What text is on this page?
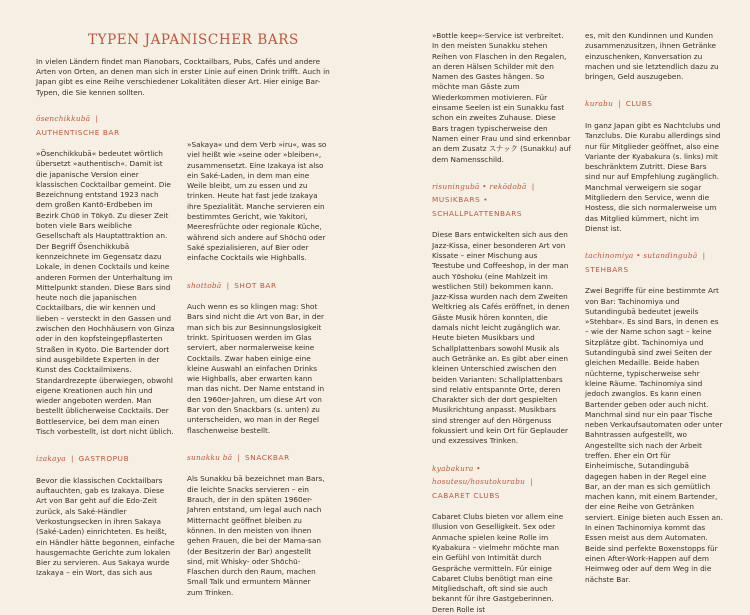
TYPEN JAPANISCHER BARS

In vielen Ländern findet man Pianobars, Cocktailbars, Pubs, Cafés und andere Arten von Orten, an denen man sich in erster Linie auf einen Drink trifft. Auch in Japan gibt es eine Reihe verschiedener Lokalitäten dieser Art. Hier einige Bar-Typen, die Sie kennen sollten.

ōsenchikkubā |
AUTHENTISCHE BAR

»Ōsenchikkubā« bedeutet wörtlich übersetzt »authentisch«. Damit ist die japanische Version einer klassischen Cocktailbar gemeint. Die Bezeichnung entstand 1923 nach dem großen Kantō-Erdbeben im Bezirk Chūō in Tōkyō. Zu dieser Zeit boten viele Bars weibliche Gesellschaft als Hauptattraktion an. Der Begriff Ōsenchikkubā kennzeichnete im Gegensatz dazu Lokale, in denen Cocktails und keine anderen Formen der Unterhaltung im Mittelpunkt standen. Diese Bars sind heute noch die japanischen Cocktailbars, die wir kennen und lieben – versteckt in den Gassen und zwischen den Hochhäusern von Ginza oder in den kopfsteingepflasterten Straßen in Kyōto. Die Bartender dort sind ausgebildete Experten in der Kunst des Cocktailmixens. Standardrezepte überwiegen, obwohl eigene Kreationen auch hin und wieder angeboten werden. Man bestellt üblicherweise Cocktails. Der Bottleservice, bei dem man einen Tisch vorbestellt, ist dort nicht üblich.

izakaya | GASTROPUB

Bevor die klassischen Cocktailbars auftauchten, gab es Izakaya. Diese Art von Bar geht auf die Edo-Zeit zurück, als Saké-Händler Verkostungsecken in ihren Sakaya (Saké-Laden) einrichteten. Es heißt, ein Händler hätte begonnen, einfache hausgemachte Gerichte zum lokalen Bier zu servieren. Aus Sakaya wurde Izakaya – ein Wort, das sich aus

»Sakaya« und dem Verb »iru«, was so viel heißt wie »seine oder »bleiben«, zusammensetzt. Eine Izakaya ist also ein Saké-Laden, in dem man eine Weile bleibt, um zu essen und zu trinken. Heute hat fast jede Izakaya ihre Spezialität. Manche servieren ein bestimmtes Gericht, wie Yakitori, Meeresfrüchte oder regionale Küche, während sich andere auf Shōchū oder Saké spezialisieren, auf Bier oder einfache Cocktails wie Highballs.

shottobā | SHOT BAR

Auch wenn es so klingen mag: Shot Bars sind nicht die Art von Bar, in der man sich bis zur Besinnungslosigkeit trinkt. Spirituosen werden im Glas serviert, aber normalerweise keine Cocktails. Zwar haben einige eine kleine Auswahl an einfachen Drinks wie Highballs, aber erwarten kann man das nicht. Der Name entstand in den 1960er-Jahren, um diese Art von Bar von den Snackbars (s. unten) zu unterscheiden, wo man in der Regel flaschenweise bestellt.

sunakku bā | SNACKBAR

Als Sunakku bā bezeichnet man Bars, die leichte Snacks servieren – ein Brauch, der in den späten 1960er-Jahren entstand, um legal auch nach Mitternacht geöffnet bleiben zu können. In den meisten von ihnen gehen Frauen, die bei der Mama-san (der Besitzerin der Bar) angestellt sind, mit Whisky- oder Shōchū-Flaschen durch den Raum, machen Small Talk und ermuntern Männer zum Trinken.

»Bottle keep«-Service ist verbreitet. In den meisten Sunakku stehen Reihen von Flaschen in den Regalen, an deren Hälsen Schilder mit den Namen des Gastes hängen. So möchte man Gäste zum Wiederkommen motivieren. Für einsame Seelen ist ein Sunakku fast schon ein zweites Zuhause. Diese Bars tragen typischerweise den Namen einer Frau und sind erkennbar an dem Zusatz スナック (Sunakku) auf dem Namensschild.

risuningubā • rekōdobā | MUSIKBARS • SCHALLPLATTENBARS

Diese Bars entwickelten sich aus den Jazz-Kissa, einer besonderen Art von Kissate – einer Mischung aus Teestube und Coffeeshop, in der man auch Yōshoku (eine Mahlzeit im westlichen Stil) bekommen kann. Jazz-Kissa wurden nach dem Zweiten Weltkrieg als Cafés eröffnet, in denen Gäste Musik hören konnten, die damals nicht leicht zugänglich war. Heute bieten Musikbars und Schallplattenbars sowohl Musik als auch Getränke an. Es gibt aber einen kleinen Unterschied zwischen den beiden Varianten: Schallplattenbars sind relativ entspannte Orte, deren Charakter sich der dort gespielten Musikrichtung anpasst. Musikbars sind strenger auf den Hörgenuss fokussiert und kein Ort für Geplauder und exzessives Trinken.

kyabakura • hosutesu/hosutokurabu | CABARET CLUBS

Cabaret Clubs bieten vor allem eine Illusion von Geselligkeit. Sex oder Anmache spielen keine Rolle im Kyabakura – vielmehr möchte man ein Gefühl von Intimität durch Gespräche vermitteln. Für einige Cabaret Clubs benötigt man eine Mitgliedschaft, oft sind sie auch bekannt für ihre Gastgeberinnen. Deren Rolle ist

es, mit den Kundinnen und Kunden zusammenzusitzen, ihnen Getränke einzuschenken, Konversation zu machen und sie letztendlich dazu zu bringen, Geld auszugeben.

kurabu | CLUBS

In ganz Japan gibt es Nachtclubs und Tanzclubs. Die Kurabu allerdings sind nur für Mitglieder geöffnet, also eine Variante der Kyabakura (s. links) mit beschränktem Zutritt. Diese Bars sind nur auf Empfehlung zugänglich. Manchmal verweigern sie sogar Mitgliedern den Service, wenn die Hostess, die sich normalerweise um das Mitglied kümmert, nicht im Dienst ist.

tachinomiya • sutandingubā | STEHBARS

Zwei Begriffe für eine bestimmte Art von Bar: Tachinomiya und Sutandingubā bedeutet jeweils »Stehbar«. Es sind Bars, in denen es – wie der Name schon sagt – keine Sitzplätze gibt. Tachinomiya und Sutandingubā sind zwei Seiten der gleichen Medaille. Beide haben nüchterne, typischerweise sehr kleine Räume. Tachinomiya sind jedoch zwanglos. Es kann einen Bartender geben oder auch nicht. Manchmal sind nur ein paar Tische neben Verkaufsautomaten oder unter Bahntrassen aufgestellt, wo Angestellte sich nach der Arbeit treffen. Eher ein Ort für Einheimische, Sutandingubā dagegen haben in der Regel eine Bar, an der man es sich gemütlich machen kann, mit einem Bartender, der eine Reihe von Getränken serviert. Einige bieten auch Essen an. In einen Tachinomiya kommt das Essen meist aus dem Automaten. Beide sind perfekte Boxenstopps für einen After-Work-Happen auf dem Heimweg oder auf dem Weg in die nächste Bar.
